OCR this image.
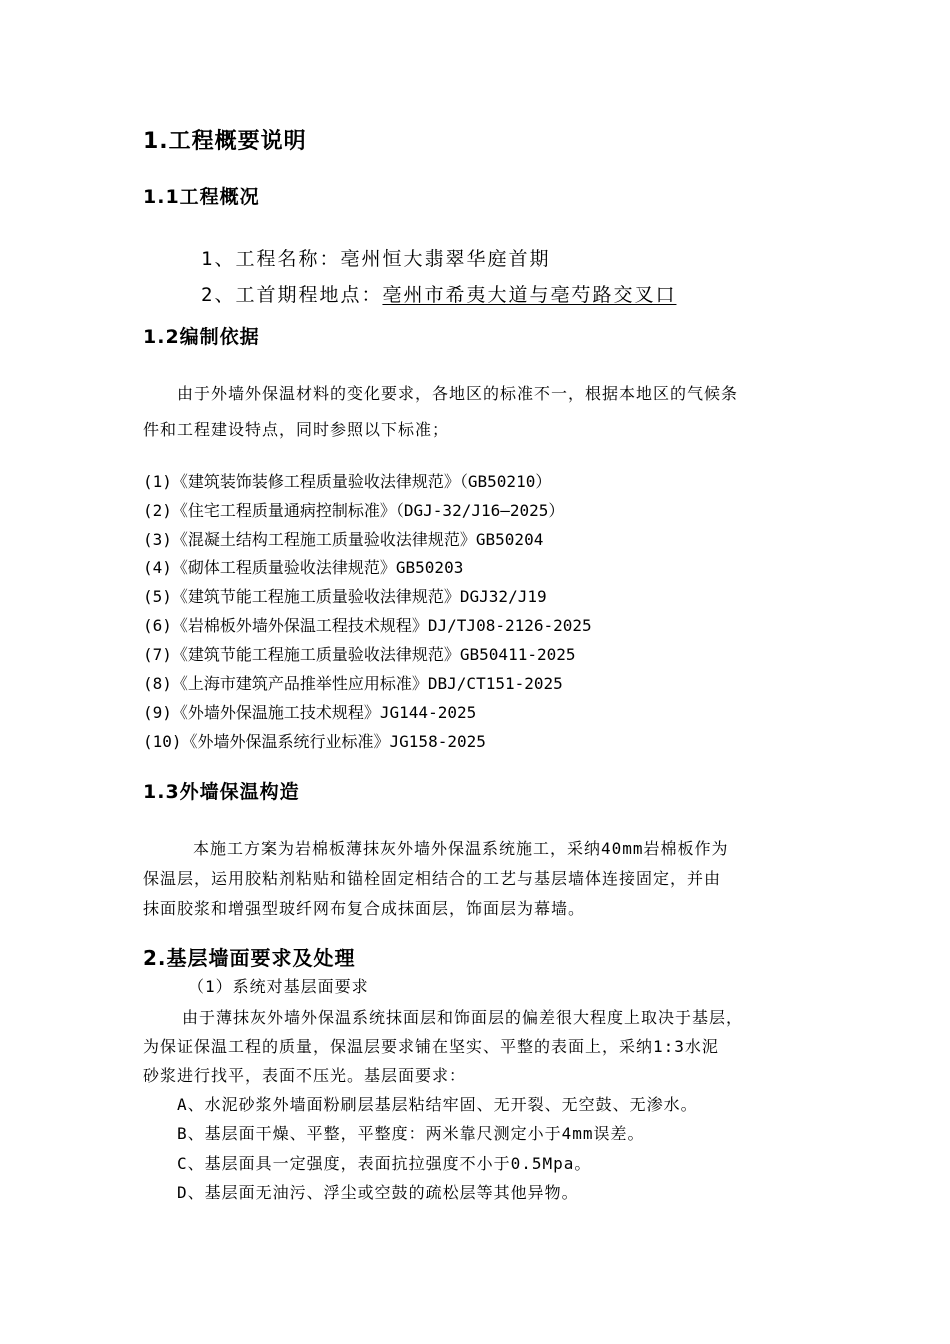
1.工程概要说明
1.1工程概况
1、工程名称：亳州恒大翡翠华庭首期
2、工首期程地点：亳州市希夷大道与亳芍路交叉口
1.2编制依据
由于外墙外保温材料的变化要求，各地区的标准不一，根据本地区的气候条
件和工程建设特点，同时参照以下标准；
(1)《建筑装饰装修工程质量验收法律规范》（GB50210）
(2)《住宅工程质量通病控制标准》（DGJ-32/J16—2025）
(3)《混凝土结构工程施工质量验收法律规范》GB50204
(4)《砌体工程质量验收法律规范》GB50203
(5)《建筑节能工程施工质量验收法律规范》DGJ32/J19
(6)《岩棉板外墙外保温工程技术规程》DJ/TJ08-2126-2025
(7)《建筑节能工程施工质量验收法律规范》GB50411-2025
(8)《上海市建筑产品推举性应用标准》DBJ/CT151-2025
(9)《外墙外保温施工技术规程》JG144-2025
(10)《外墙外保温系统行业标准》JG158-2025
1.3外墙保温构造
本施工方案为岩棉板薄抹灰外墙外保温系统施工，采纳40mm岩棉板作为
保温层，运用胶粘剂粘贴和锚栓固定相结合的工艺与基层墙体连接固定，并由
抹面胶浆和增强型玻纤网布复合成抹面层，饰面层为幕墙。
2.基层墙面要求及处理
（1）系统对基层面要求
由于薄抹灰外墙外保温系统抹面层和饰面层的偏差很大程度上取决于基层，
为保证保温工程的质量，保温层要求铺在坚实、平整的表面上，采纳1:3水泥
砂浆进行找平，表面不压光。基层面要求：
A、水泥砂浆外墙面粉刷层基层粘结牢固、无开裂、无空鼓、无渗水。
B、基层面干燥、平整，平整度：两米靠尺测定小于4mm误差。
C、基层面具一定强度，表面抗拉强度不小于0.5Mpa。
D、基层面无油污、浮尘或空鼓的疏松层等其他异物。
